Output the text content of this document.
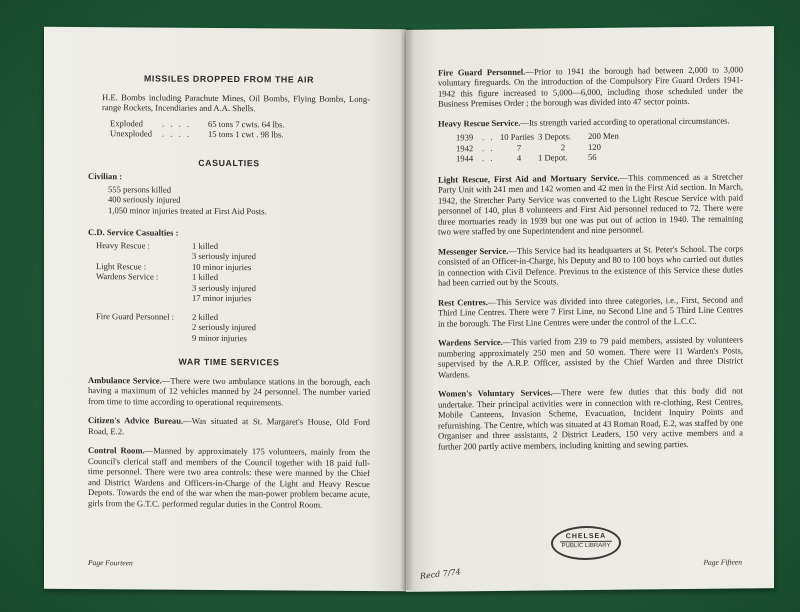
MISSILES DROPPED FROM THE AIR

H.E. Bombs including Parachute Mines, Oil Bombs, Flying Bombs, Long-range Rockets, Incendiaries and A.A. Shells.

Exploded	. . . .	65 tons 7 cwts. 64 lbs.
Unexploded	. . . .	15 tons 1 cwt . 98 lbs.
CASUALTIES
Civilian :
555 persons killed
400 seriously injured
1,050 minor injuries treated at First Aid Posts.
C.D. Service Casualties :
Heavy Rescue :	1 killed
3 seriously injured
Light Rescue :	10 minor injuries
Wardens Service :	1 killed
3 seriously injured
17 minor injuries
Fire Guard Personnel :	2 killed
2 seriously injured
9 minor injuries
WAR TIME SERVICES

Ambulance Service.—There were two ambulance stations in the borough, each having a maximum of 12 vehicles manned by 24 personnel. The number varied from time to time according to operational requirements.

Citizen's Advice Bureau.—Was situated at St. Margaret's House, Old Ford Road, E.2.

Control Room.—Manned by approximately 175 volunteers, mainly from the Council's clerical staff and members of the Council together with 18 paid full-time personnel. There were two area controls: these were manned by the Chief and District Wardens and Officers-in-Charge of the Light and Heavy Rescue Depots. Towards the end of the war when the man-power problem became acute, girls from the G.T.C. performed regular duties in the Control Room.

Page Fourteen

Fire Guard Personnel.—Prior to 1941 the borough had between 2,000 to 3,000 voluntary fireguards. On the introduction of the Compulsory Fire Guard Orders 1941-1942 this figure increased to 5,000—6,000, including those scheduled under the Business Premises Order ; the borough was divided into 47 sector points.

Heavy Rescue Service.—Its strength varied according to operational circumstances.

1939	. . 10 Parties 3 Depots.	200 Men
1942	. .	7	2	120
1944	. .	4	1 Depot.	56

Light Rescue, First Aid and Mortuary Service.—This commenced as a Stretcher Party Unit with 241 men and 142 women and 42 men in the First Aid section. In March, 1942, the Stretcher Party Service was converted to the Light Rescue Service with paid personnel of 140, plus 8 volunteers and First Aid personnel reduced to 72. There were three mortuaries ready in 1939 but one was put out of action in 1940. The remaining two were staffed by one Superintendent and nine personnel.

Messenger Service.—This Service had its headquarters at St. Peter's School. The corps consisted of an Officer-in-Charge, his Deputy and 80 to 100 boys who carried out duties in connection with Civil Defence. Previous to the existence of this Service these duties had been carried out by the Scouts.

Rest Centres.—This Service was divided into three categories, i.e., First, Second and Third Line Centres. There were 7 First Line, no Second Line and 5 Third Line Centres in the borough. The First Line Centres were under the control of the L.C.C.

Wardens Service.—This varied from 239 to 79 paid members, assisted by volunteers numbering approximately 250 men and 50 women. There were 11 Warden's Posts, supervised by the A.R.P. Officer, assisted by the Chief Warden and three District Wardens.

Women's Voluntary Services.—There were few duties that this body did not undertake. Their principal activities were in connection with re-clothing, Rest Centres, Mobile Canteens, Invasion Scheme, Evacuation, Incident Inquiry Points and refurnishing. The Centre, which was situated at 43 Roman Road, E.2, was staffed by one Organiser and three assistants, 2 District Leaders, 150 very active members and a further 200 partly active members, including knitting and sewing parties.

CHELSEA
PUBLIC LIBRARY
Recd 7/74
Page Fifteen
